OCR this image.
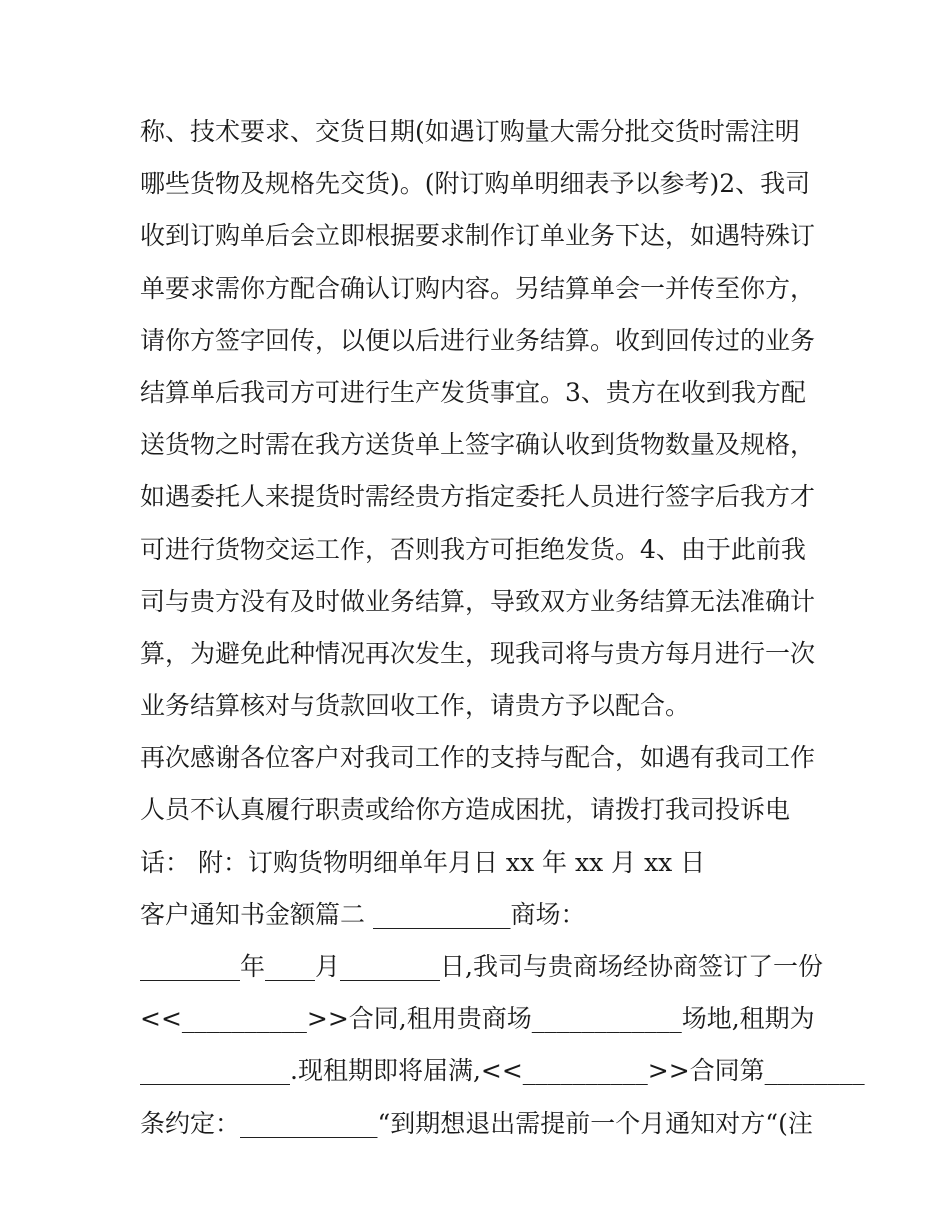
称、技术要求、交货日期(如遇订购量大需分批交货时需注明
哪些货物及规格先交货)。(附订购单明细表予以参考)2、我司
收到订购单后会立即根据要求制作订单业务下达，如遇特殊订
单要求需你方配合确认订购内容。另结算单会一并传至你方，
请你方签字回传，以便以后进行业务结算。收到回传过的业务
结算单后我司方可进行生产发货事宜。3、贵方在收到我方配
送货物之时需在我方送货单上签字确认收到货物数量及规格，
如遇委托人来提货时需经贵方指定委托人员进行签字后我方才
可进行货物交运工作，否则我方可拒绝发货。4、由于此前我
司与贵方没有及时做业务结算，导致双方业务结算无法准确计
算，为避免此种情况再次发生，现我司将与贵方每月进行一次
业务结算核对与货款回收工作，请贵方予以配合。
再次感谢各位客户对我司工作的支持与配合，如遇有我司工作
人员不认真履行职责或给你方造成困扰，请拨打我司投诉电
话： 附：订购货物明细单年月日 xx 年 xx 月 xx 日
客户通知书金额篇二 ___________商场：
________年____月________日,我司与贵商场经协商签订了一份
<<__________>>合同,租用贵商场____________场地,租期为
____________.现租期即将届满,<<__________>>合同第________
条约定：___________“到期想退出需提前一个月通知对方“(注
